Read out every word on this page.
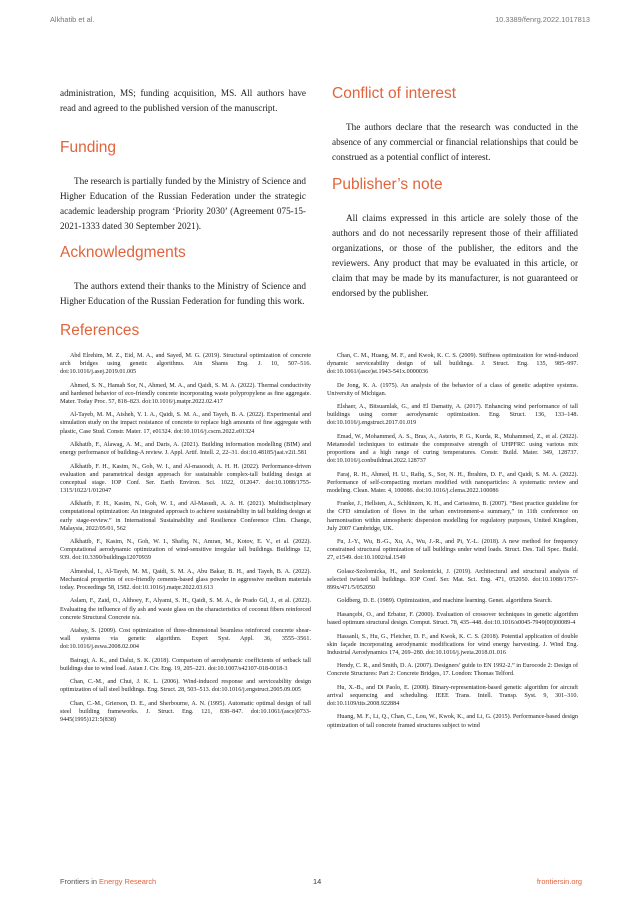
Alkhatib et al.	10.3389/fenrg.2022.1017813

administration, MS; funding acquisition, MS. All authors have read and agreed to the published version of the manuscript.

Funding

The research is partially funded by the Ministry of Science and Higher Education of the Russian Federation under the strategic academic leadership program ‘Priority 2030’ (Agreement 075-15-2021-1333 dated 30 September 2021).

Acknowledgments

The authors extend their thanks to the Ministry of Science and Higher Education of the Russian Federation for funding this work.

Conflict of interest

The authors declare that the research was conducted in the absence of any commercial or financial relationships that could be construed as a potential conflict of interest.

Publisher’s note

All claims expressed in this article are solely those of the authors and do not necessarily represent those of their affiliated organizations, or those of the publisher, the editors and the reviewers. Any product that may be evaluated in this article, or claim that may be made by its manufacturer, is not guaranteed or endorsed by the publisher.

References

Abd Elrehim, M. Z., Eid, M. A., and Sayed, M. G. (2019). Structural optimization of concrete arch bridges using genetic algorithms. Ain Shams Eng. J. 10, 507–516. doi:10.1016/j.asej.2019.01.005

Ahmed, S. N., Hamah Sor, N., Ahmed, M. A., and Qaidi, S. M. A. (2022). Thermal conductivity and hardened behavior of eco-friendly concrete incorporating waste polypropylene as fine aggregate. Mater. Today Proc. 57, 818–823. doi:10.1016/j.matpr.2022.02.417

Al-Tayeb, M. M., Aisheh, Y. I. A., Qaidi, S. M. A., and Tayeh, B. A. (2022). Experimental and simulation study on the impact resistance of concrete to replace high amounts of fine aggregate with plastic, Case Stud. Constr. Mater. 17, e01324. doi:10.1016/j.cscm.2022.e01324

Alkhatib, F., Alawag, A. M., and Daris, A. (2021). Building information modelling (BIM) and energy performance of building-A review. J. Appl. Artif. Intell. 2, 22–31. doi:10.48185/jaai.v2i1.581

Alkhatib, F. H., Kasim, N., Goh, W. I., and Al-masoodi, A. H. H. (2022). Performance-driven evaluation and parametrical design approach for sustainable complex-tall building design at conceptual stage. IOP Conf. Ser. Earth Environ. Sci. 1022, 012047. doi:10.1088/1755-1315/1022/1/012047

Alkhatib, F. H., Kasim, N., Goh, W. I., and Al-Masudi, A. A. H. (2021). Multidisciplinary computational optimization: An integrated approach to achieve sustainability in tall building design at early stage-review.” in International Sustainability and Resilience Conference Clim. Change, Malaysia, 2022/05/01, 562

Alkhatib, F., Kasim, N., Goh, W. I., Shafiq, N., Amran, M., Kotov, E. V., et al. (2022). Computational aerodynamic optimization of wind-sensitive irregular tall buildings. Buildings 12, 939. doi:10.3390/buildings12070939

Almeshal, I., Al-Tayeb, M. M., Qaidi, S. M. A., Abu Bakar, B. H., and Tayeh, B. A. (2022). Mechanical properties of eco-friendly cements-based glass powder in aggressive medium materials today. Proceedings 58, 1582. doi:10.1016/j.matpr.2022.03.613

Aslam, F., Zaid, O., Althoey, F., Alyami, S. H., Qaidi, S. M. A., de Prado Gil, J., et al. (2022). Evaluating the influence of fly ash and waste glass on the characteristics of coconut fibers reinforced concrete Structural Concrete n/a.

Atabay, S. (2009). Cost optimization of three-dimensional beamless reinforced concrete shear-wall systems via genetic algorithm. Expert Syst. Appl. 36, 3555–3561. doi:10.1016/j.eswa.2008.02.004

Bairagi, A. K., and Dalui, S. K. (2018). Comparison of aerodynamic coefficients of setback tall buildings due to wind load. Asian J. Civ. Eng. 19, 205–221. doi:10.1007/s42107-018-0018-3

Chan, C.-M., and Chui, J. K. L. (2006). Wind-induced response and serviceability design optimization of tall steel buildings. Eng. Struct. 28, 503–513. doi:10.1016/j.engstruct.2005.09.005

Chan, C.-M., Grierson, D. E., and Sherbourne, A. N. (1995). Automatic optimal design of tall steel building frameworks. J. Struct. Eng. 121, 838–847. doi:10.1061/(asce)0733-9445(1995)121:5(838)

Chan, C. M., Huang, M. F., and Kwok, K. C. S. (2009). Stiffness optimization for wind-induced dynamic serviceability design of tall buildings. J. Struct. Eng. 135, 985–997. doi:10.1061/(asce)st.1943-541x.0000036

De Jong, K. A. (1975). An analysis of the behavior of a class of genetic adaptive systems. University of Michigan.

Elshaer, A., Bitsuamlak, G., and El Damatty, A. (2017). Enhancing wind performance of tall buildings using corner aerodynamic optimization. Eng. Struct. 136, 133–148. doi:10.1016/j.engstruct.2017.01.019

Emad, W., Mohammed, A. S., Bras, A., Asteris, P. G., Kurda, R., Muhammed, Z., et al. (2022). Metamodel techniques to estimate the compressive strength of UHPFRC using various mix proportions and a high range of curing temperatures. Constr. Build. Mater. 349, 128737. doi:10.1016/j.conbuildmat.2022.128737

Faraj, R. H., Ahmed, H. U., Rafiq, S., Sor, N. H., Ibrahim, D. F., and Qaidi, S. M. A. (2022). Performance of self-compacting mortars modified with nanoparticles: A systematic review and modeling. Clean. Mater. 4, 100086. doi:10.1016/j.clema.2022.100086

Franke, J., Hellsten, A., Schlünzen, K. H., and Carissimo, B. (2007). “Best practice guideline for the CFD simulation of flows in the urban environment-a summary,” in 11th conference on harmonisation within atmospheric dispersion modelling for regulatory purposes, United Kingdom, July 2007 Cambridge, UK.

Fu, J.-Y., Wu, B.-G., Xu, A., Wu, J.-R., and Pi, Y.-L. (2018). A new method for frequency constrained structural optimization of tall buildings under wind loads. Struct. Des. Tall Spec. Build. 27, e1549. doi:10.1002/tal.1549

Golasz-Szolomicka, H., and Szolomicki, J. (2019). Architectural and structural analysis of selected twisted tall buildings. IOP Conf. Ser. Mat. Sci. Eng. 471, 052050. doi:10.1088/1757-899x/471/5/052050

Goldberg, D. E. (1989). Optimization, and machine learning. Genet. algorithms Search.

Hasançebi, O., and Erbatur, F. (2000). Evaluation of crossover techniques in genetic algorithm based optimum structural design. Comput. Struct. 78, 435–448. doi:10.1016/s0045-7949(00)00089-4

Hassanli, S., Hu, G., Fletcher, D. F., and Kwok, K. C. S. (2018). Potential application of double skin façade incorporating aerodynamic modifications for wind energy harvesting. J. Wind Eng. Industrial Aerodynamics 174, 269–280. doi:10.1016/j.jweia.2018.01.016

Hendy, C. R., and Smith, D. A. (2007). Designers’ guide to EN 1992-2.” in Eurocode 2: Design of Concrete Structures: Part 2: Concrete Bridges, 17. London: Thomas Telford.

Hu, X.-B., and Di Paolo, E. (2008). Binary-representation-based genetic algorithm for aircraft arrival sequencing and scheduling. IEEE Trans. Intell. Transp. Syst. 9, 301–310. doi:10.1109/tits.2008.922884

Huang, M. F., Li, Q., Chan, C., Lou, W., Kwok, K., and Li, G. (2015). Performance-based design optimization of tall concrete framed structures subject to wind

Frontiers in Energy Research	14	frontiersin.org
